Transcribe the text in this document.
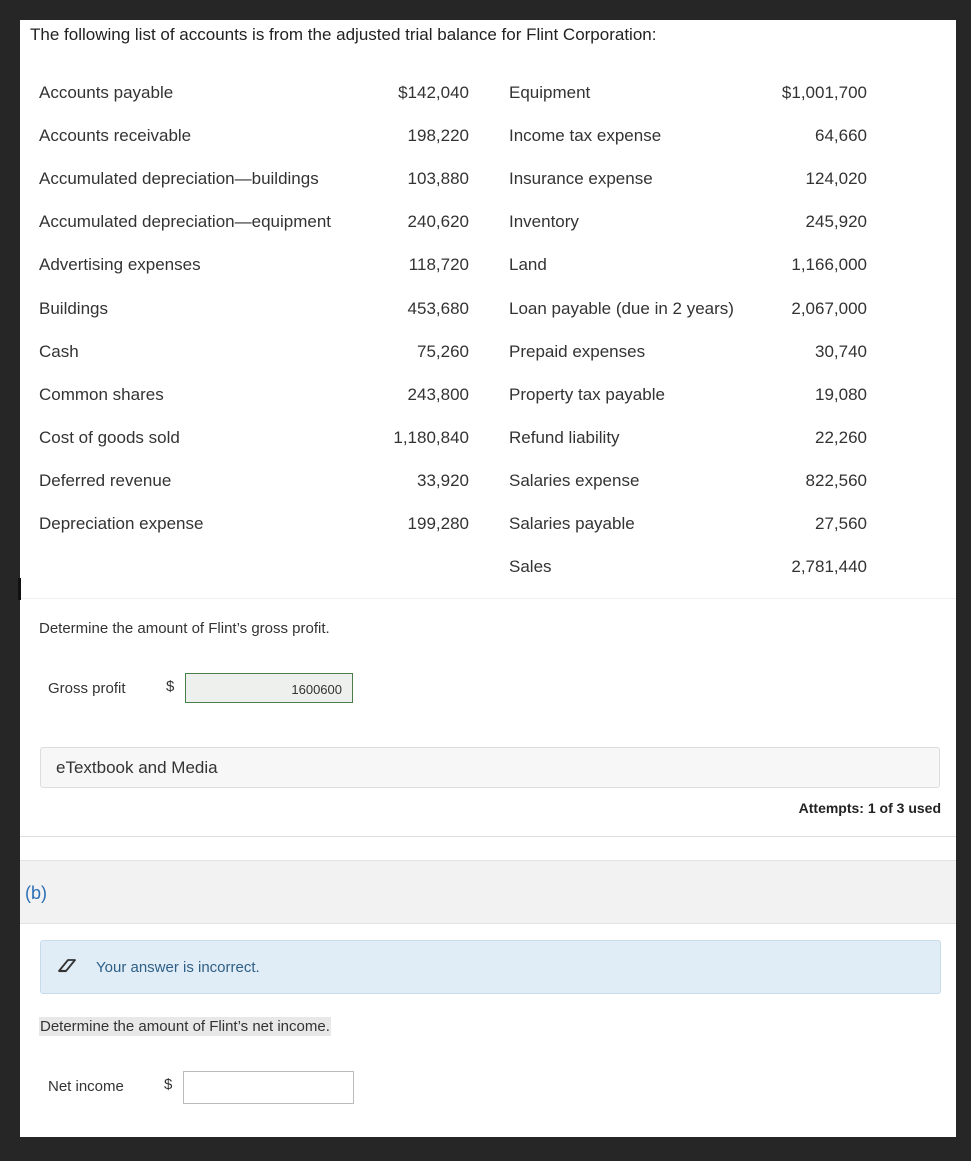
The following list of accounts is from the adjusted trial balance for Flint Corporation:
Accounts payable	$142,040 Equipment	$1,001,700
Accounts receivable	198,220 Income tax expense	64,660
Accumulated depreciation—buildings	103,880 Insurance expense	124,020
Accumulated depreciation—equipment	240,620 Inventory	245,920
Advertising expenses	118,720 Land	1,166,000
Buildings	453,680 Loan payable (due in 2 years)	2,067,000
Cash	75,260 Prepaid expenses	30,740
Common shares	243,800 Property tax payable	19,080
Cost of goods sold	1,180,840 Refund liability	22,260
Deferred revenue	33,920 Salaries expense	822,560
Depreciation expense	199,280 Salaries payable	27,560
Sales	2,781,440
Determine the amount of Flint’s gross profit.
Gross profit	$	1600600
eTextbook and Media
Attempts: 1 of 3 used
(b)
Your answer is incorrect.
Determine the amount of Flint’s net income.
Net income	$
